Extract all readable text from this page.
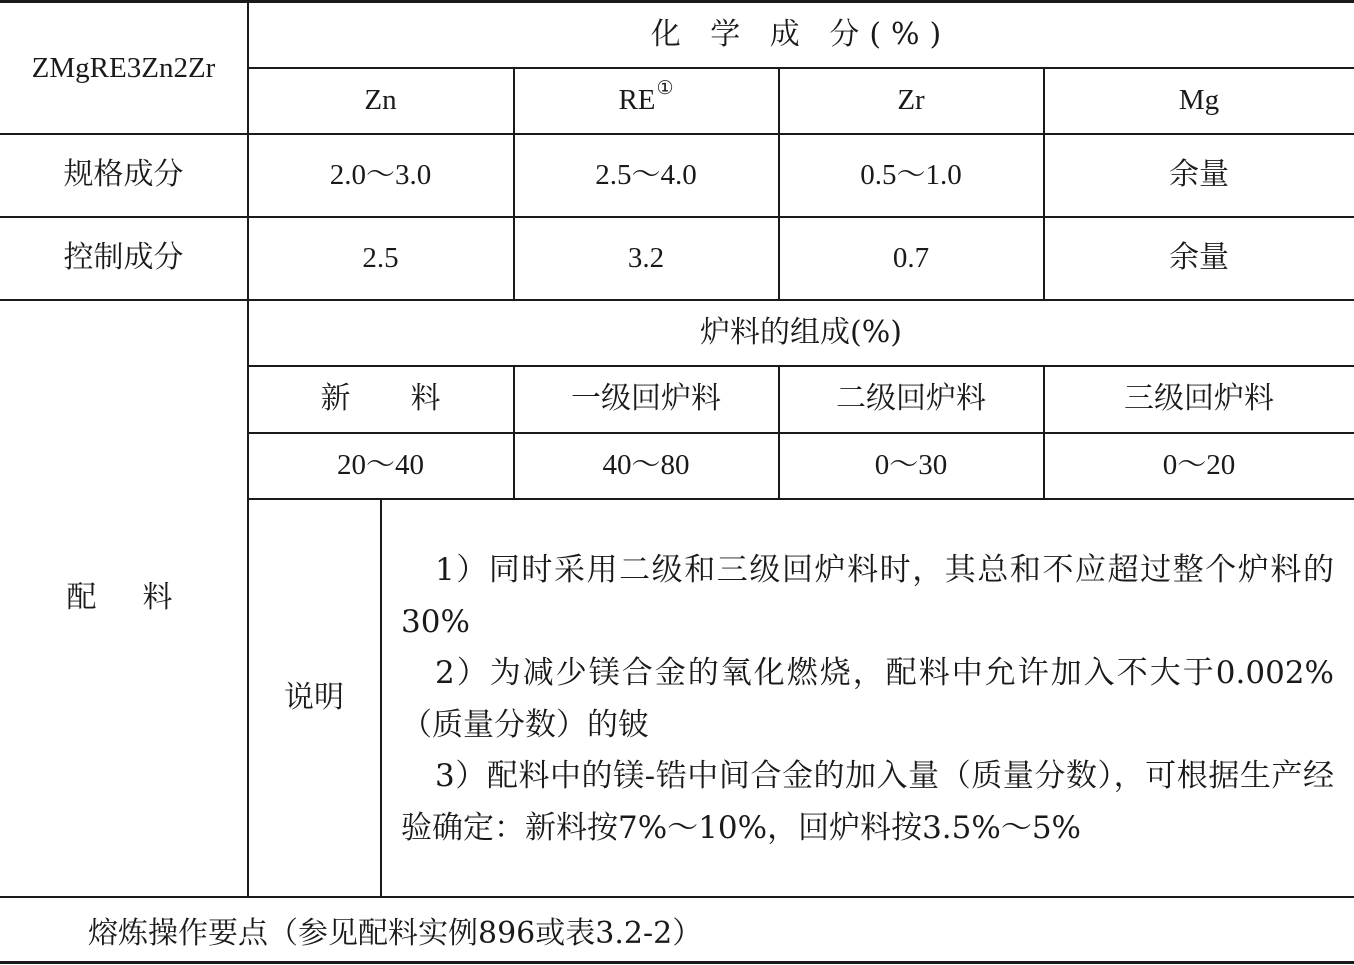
ZMgRE3Zn2Zr
化 学 成 分(%)
Zn	RE ①	Zr	Mg
规格成分	2.0～3.0	2.5～4.0	0.5～1.0	余量
控制成分	2.5	3.2	0.7	余量
配　料
炉料的组成(%)
新　　料	一级回炉料	二级回炉料	三级回炉料
20～40	40～80	0～30	0～20
说明

1）同时采用二级和三级回炉料时，其总和不应超过整个炉料的30%

2）为减少镁合金的氧化燃烧，配料中允许加入不大于0.002%（质量分数）的铍

3）配料中的镁-锆中间合金的加入量（质量分数），可根据生产经验确定：新料按7%～10%，回炉料按3.5%～5%

熔炼操作要点（参见配料实例896或表3.2-2）
